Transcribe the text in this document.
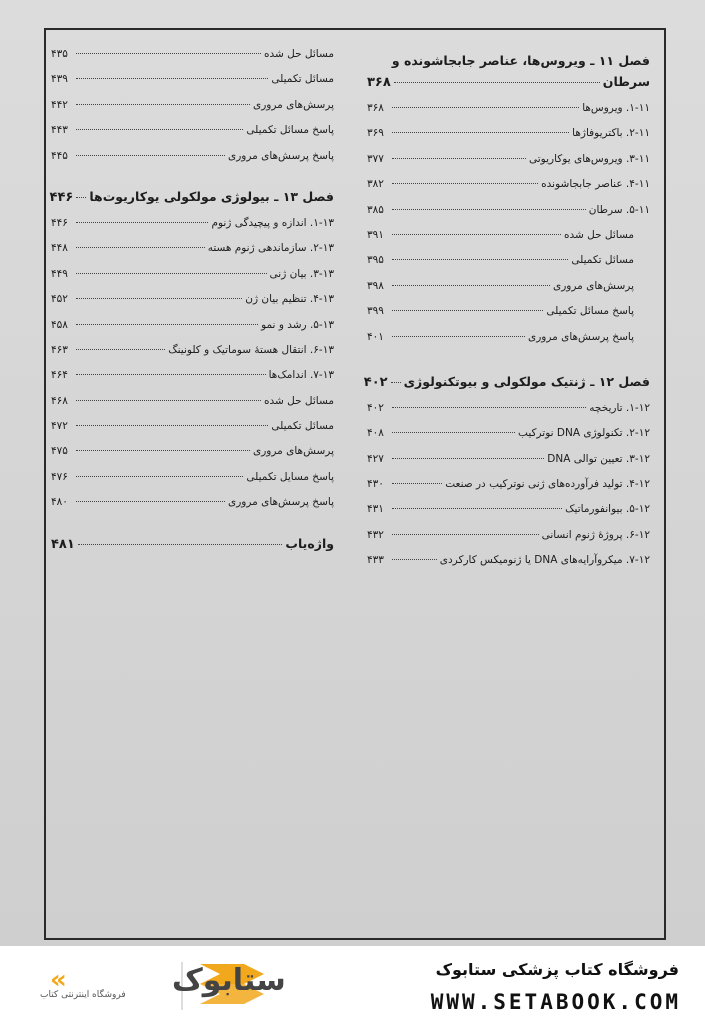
فصل ۱۱ ـ ویروس‌ها، عناصر جابجاشونده و
سرطان
۳۶۸
۱-۱۱. ویروس‌ها
۳۶۸
۲-۱۱. باکتریوفاژها
۳۶۹
۳-۱۱. ویروس‌های یوکاریوتی
۳۷۷
۴-۱۱. عناصر جابجاشونده
۳۸۲
۵-۱۱. سرطان
۳۸۵
مسائل حل شده
۳۹۱
مسائل تکمیلی
۳۹۵
پرسش‌های مروری
۳۹۸
پاسخ مسائل تکمیلی
۳۹۹
پاسخ پرسش‌های مروری
۴۰۱
فصل ۱۲ ـ ژنتیک مولکولی و بیوتکنولوژی
۴۰۲
۱-۱۲. تاریخچه
۴۰۲
۲-۱۲. تکنولوژی DNA نوترکیب
۴۰۸
۳-۱۲. تعیین توالی DNA
۴۲۷
۴-۱۲. تولید فرآورده‌های ژنی نوترکیب در صنعت
۴۳۰
۵-۱۲. بیوانفورماتیک
۴۳۱
۶-۱۲. پروژهٔ ژنوم انسانی
۴۳۲
۷-۱۲. میکروآرایه‌های DNA یا ژنومیکس کارکردی
۴۳۳
مسائل حل شده
۴۳۵
مسائل تکمیلی
۴۳۹
پرسش‌های مروری
۴۴۲
پاسخ مسائل تکمیلی
۴۴۳
پاسخ پرسش‌های مروری
۴۴۵
فصل ۱۳ ـ بیولوژی مولکولی یوکاریوت‌ها
۴۴۶
۱-۱۳. اندازه و پیچیدگی ژنوم
۴۴۶
۲-۱۳. سازماندهی ژنوم هسته
۴۴۸
۳-۱۳. بیان ژنی
۴۴۹
۴-۱۳. تنظیم بیان ژن
۴۵۲
۵-۱۳. رشد و نمو
۴۵۸
۶-۱۳. انتقال هستهٔ سوماتیک و کلونینگ
۴۶۳
۷-۱۳. اندامک‌ها
۴۶۴
مسائل حل شده
۴۶۸
مسائل تکمیلی
۴۷۲
پرسش‌های مروری
۴۷۵
پاسخ مسایل تکمیلی
۴۷۶
پاسخ پرسش‌های مروری
۴۸۰
واژه‌یاب
۴۸۱
ستابوک
«
فروشگاه اینترنتی کتاب
فروشگاه کتاب پزشکی ستابوک
WWW.SETABOOK.COM
